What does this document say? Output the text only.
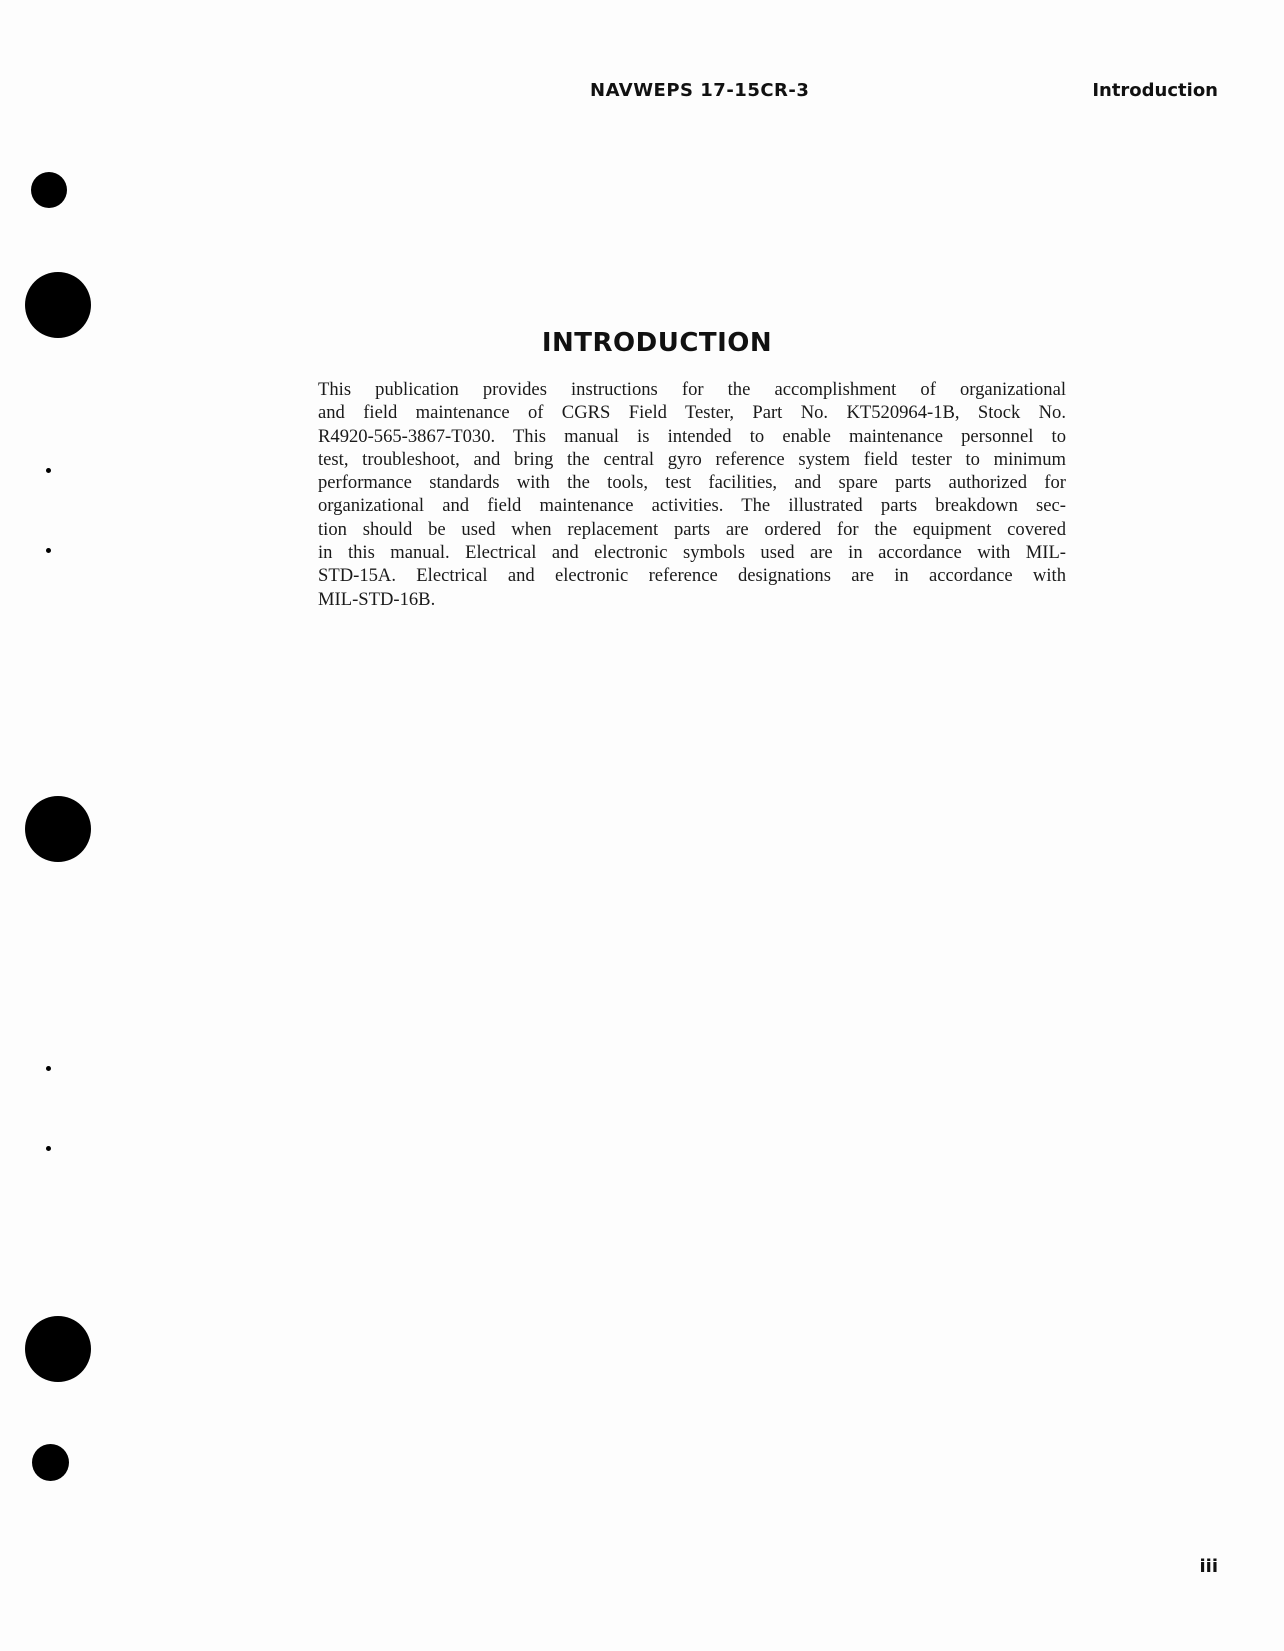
NAVWEPS 17-15CR-3	Introduction
INTRODUCTION
This publication provides instructions for the accomplishment of organizational
and field maintenance of CGRS Field Tester, Part No. KT520964-1B, Stock No.
R4920-565-3867-T030. This manual is intended to enable maintenance personnel to
test, troubleshoot, and bring the central gyro reference system field tester to minimum
performance standards with the tools, test facilities, and spare parts authorized for
organizational and field maintenance activities. The illustrated parts breakdown sec-
tion should be used when replacement parts are ordered for the equipment covered
in this manual. Electrical and electronic symbols used are in accordance with MIL-
STD-15A. Electrical and electronic reference designations are in accordance with
MIL-STD-16B.
iii
